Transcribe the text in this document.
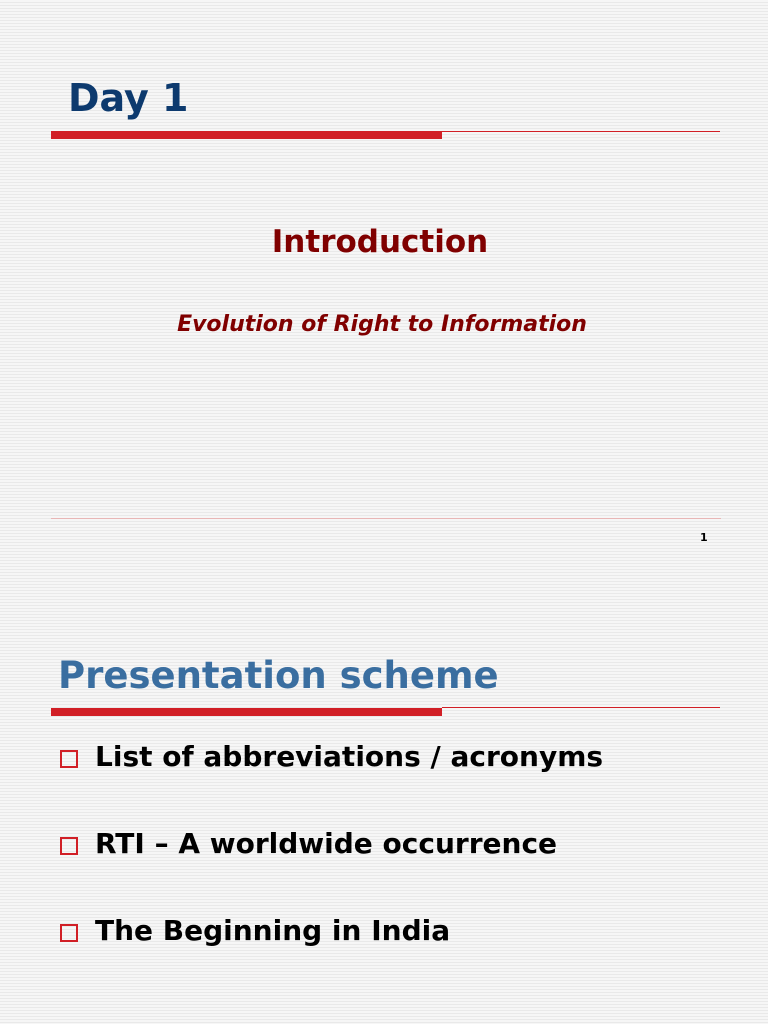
Day 1
Introduction
Evolution of Right to Information
1
Presentation scheme
List of abbreviations / acronyms
RTI – A worldwide occurrence
The Beginning in India
